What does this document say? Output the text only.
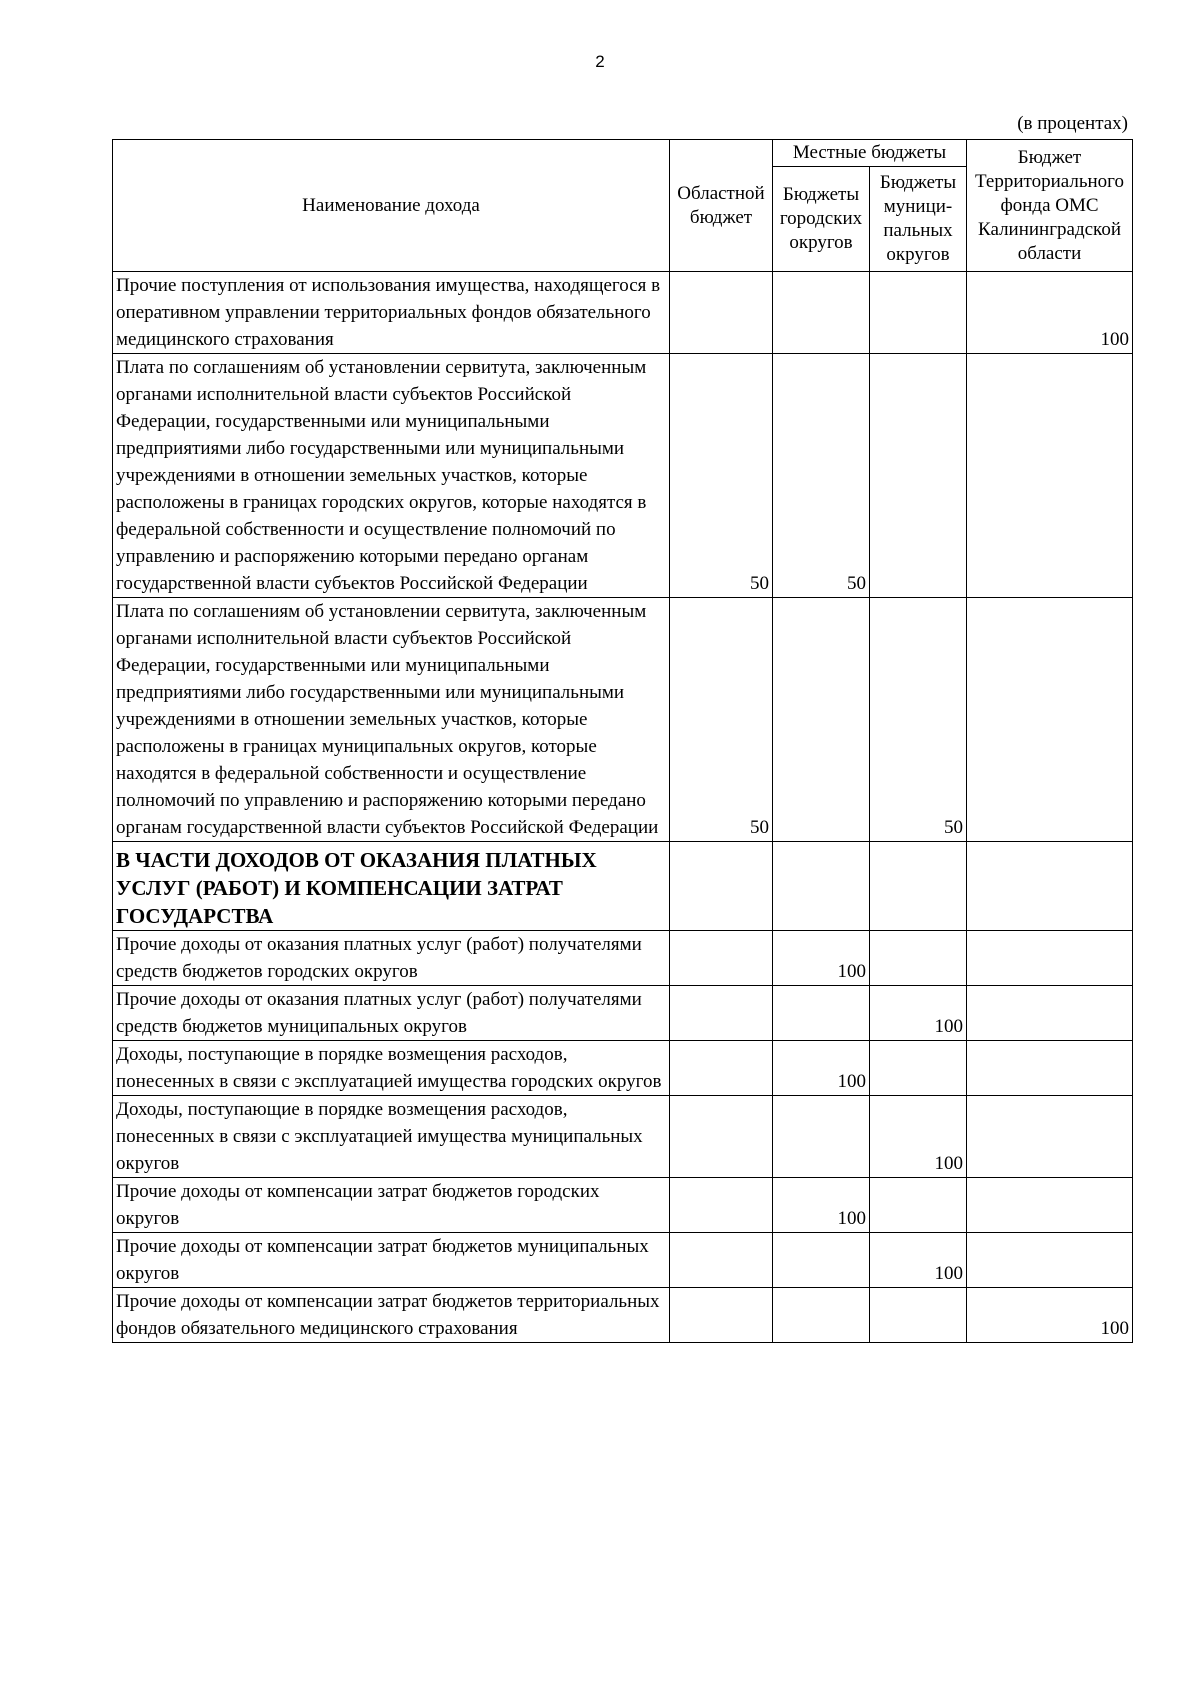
2
(в процентах)
Наименование дохода	Областной бюджет	Местные бюджеты		Бюджет Территориального фонда ОМС Калининградской области
		Бюджеты городских округов	Бюджеты муници-пальных округов	
Прочие поступления от использования имущества, находящегося в оперативном управлении территориальных фондов обязательного медицинского страхования				100
Плата по соглашениям об установлении сервитута, заключенным органами исполнительной власти субъектов Российской Федерации, государственными или муниципальными предприятиями либо государственными или муниципальными учреждениями в отношении земельных участков, которые расположены в границах городских округов, которые находятся в федеральной собственности и осуществление полномочий по управлению и распоряжению которыми передано органам государственной власти субъектов Российской Федерации	50	50		
Плата по соглашениям об установлении сервитута, заключенным органами исполнительной власти субъектов Российской Федерации, государственными или муниципальными предприятиями либо государственными или муниципальными учреждениями в отношении земельных участков, которые расположены в границах муниципальных округов, которые находятся в федеральной собственности и осуществление полномочий по управлению и распоряжению которыми передано органам государственной власти субъектов Российской Федерации	50		50	
В ЧАСТИ ДОХОДОВ ОТ ОКАЗАНИЯ ПЛАТНЫХ УСЛУГ (РАБОТ) И КОМПЕНСАЦИИ ЗАТРАТ ГОСУДАРСТВА				
Прочие доходы от оказания платных услуг (работ) получателями средств бюджетов городских округов		100		
Прочие доходы от оказания платных услуг (работ) получателями средств бюджетов муниципальных округов			100	
Доходы, поступающие в порядке возмещения расходов, понесенных в связи с эксплуатацией имущества городских округов		100		
Доходы, поступающие в порядке возмещения расходов, понесенных в связи с эксплуатацией имущества муниципальных округов			100	
Прочие доходы от компенсации затрат бюджетов городских округов		100		
Прочие доходы от компенсации затрат бюджетов муниципальных округов			100	
Прочие доходы от компенсации затрат бюджетов территориальных фондов обязательного медицинского страхования				100
